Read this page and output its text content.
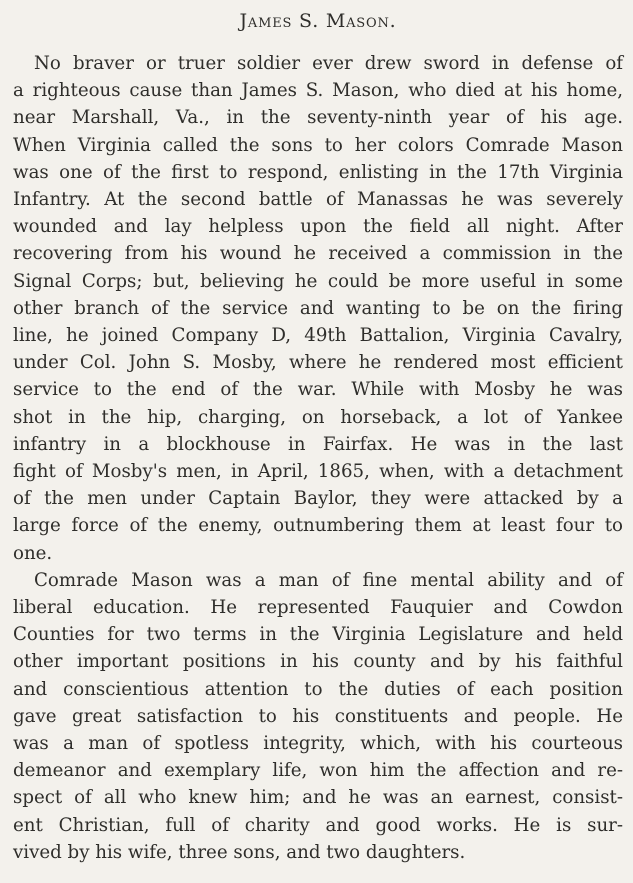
James S. Mason.
No braver or truer soldier ever drew sword in defense of
a righteous cause than James S. Mason, who died at his home,
near Marshall, Va., in the seventy-ninth year of his age.
When Virginia called the sons to her colors Comrade Mason
was one of the first to respond, enlisting in the 17th Virginia
Infantry. At the second battle of Manassas he was severely
wounded and lay helpless upon the field all night. After
recovering from his wound he received a commission in the
Signal Corps; but, believing he could be more useful in some
other branch of the service and wanting to be on the firing
line, he joined Company D, 49th Battalion, Virginia Cavalry,
under Col. John S. Mosby, where he rendered most efficient
service to the end of the war. While with Mosby he was
shot in the hip, charging, on horseback, a lot of Yankee
infantry in a blockhouse in Fairfax. He was in the last
fight of Mosby's men, in April, 1865, when, with a detachment
of the men under Captain Baylor, they were attacked by a
large force of the enemy, outnumbering them at least four to
one.
Comrade Mason was a man of fine mental ability and of
liberal education. He represented Fauquier and Cowdon
Counties for two terms in the Virginia Legislature and held
other important positions in his county and by his faithful
and conscientious attention to the duties of each position
gave great satisfaction to his constituents and people. He
was a man of spotless integrity, which, with his courteous
demeanor and exemplary life, won him the affection and re-
spect of all who knew him; and he was an earnest, consist-
ent Christian, full of charity and good works. He is sur-
vived by his wife, three sons, and two daughters.
